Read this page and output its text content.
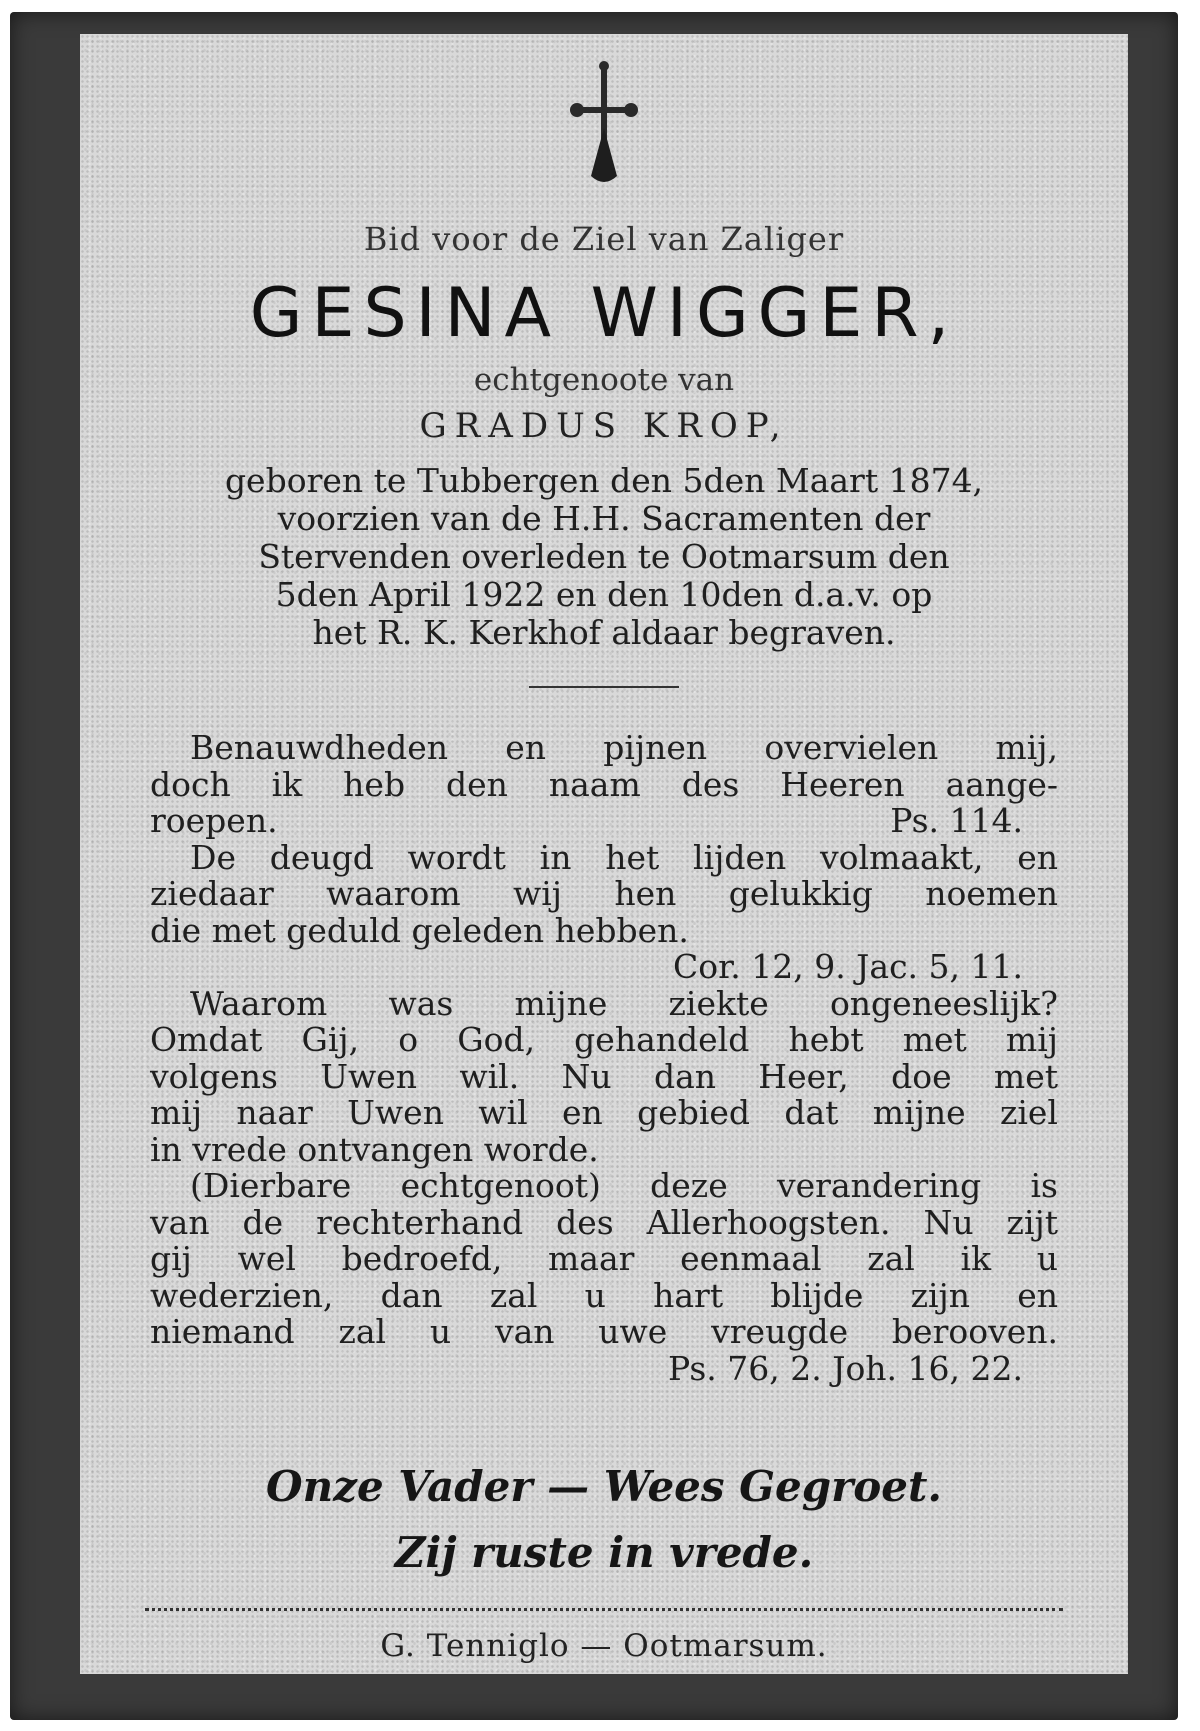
Bid voor de Ziel van Zaliger
GESINA WIGGER,
echtgenoote van
GRADUS KROP,
geboren te Tubbergen den 5den Maart 1874,
voorzien van de H.H. Sacramenten der
Stervenden overleden te Ootmarsum den
5den April 1922 en den 10den d.a.v. op
het R. K. Kerkhof aldaar begraven.
Benauwdheden en pijnen overvielen mij,
doch ik heb den naam des Heeren aange-
roepen.	Ps. 114.
De deugd wordt in het lijden volmaakt, en
ziedaar waarom wij hen gelukkig noemen
die met geduld geleden hebben.
Cor. 12, 9. Jac. 5, 11.
Waarom was mijne ziekte ongeneeslijk?
Omdat Gij, o God, gehandeld hebt met mij
volgens Uwen wil. Nu dan Heer, doe met
mij naar Uwen wil en gebied dat mijne ziel
in vrede ontvangen worde.
(Dierbare echtgenoot) deze verandering is
van de rechterhand des Allerhoogsten. Nu zijt
gij wel bedroefd, maar eenmaal zal ik u
wederzien, dan zal u hart blijde zijn en
niemand zal u van uwe vreugde berooven.
Ps. 76, 2. Joh. 16, 22.
Onze Vader — Wees Gegroet.
Zij ruste in vrede.
G. Tenniglo — Ootmarsum.
